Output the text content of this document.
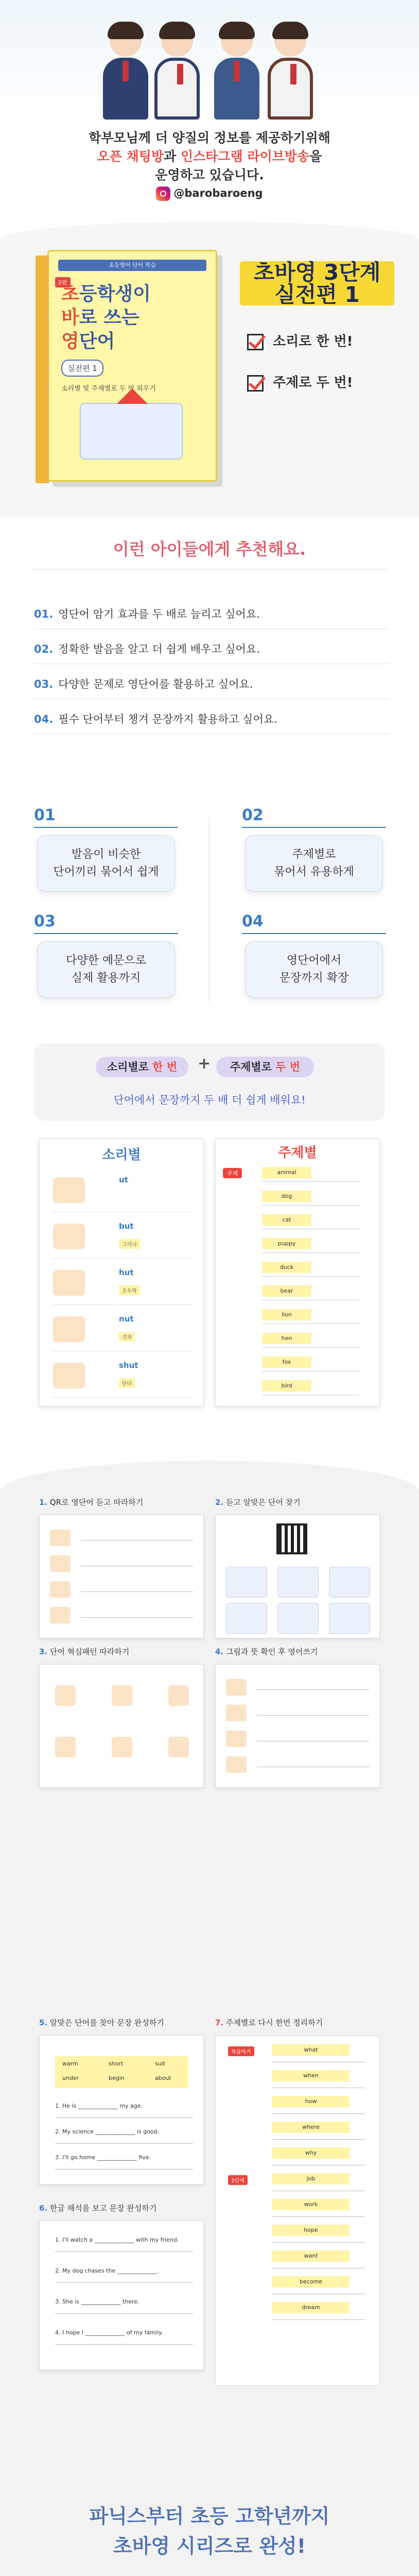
학부모님께 더 양질의 정보를 제공하기위해
오픈 채팅방과 인스타그램 라이브방송을
운영하고 있습니다.
@barobaroeng
초등영어 단어 학습
2판
초등학생이
바로 쓰는
영단어
실전편 1
소리별 및 주제별로 두 번 외우기
초바영 3단계
실전편 1
소리로 한 번!
주제로 두 번!
이런 아이들에게 추천해요.
01. 영단어 암기 효과를 두 배로 늘리고 싶어요.
02. 정확한 발음을 알고 더 쉽게 배우고 싶어요.
03. 다양한 문제로 영단어를 활용하고 싶어요.
04. 필수 단어부터 챙겨 문장까지 활용하고 싶어요.
01
발음이 비슷한
단어끼리 묶어서 쉽게
02
주제별로
묶어서 유용하게
03
다양한 예문으로
실제 활용까지
04
영단어에서
문장까지 확장
소리별로 한 번	+	주제별로 두 번
단어에서 문장까지 두 배 더 쉽게 배워요!
소리별
ut
but
그러나
hut
오두막
nut
견과
shut
닫다
주제별
주제	animal
dog
cat
puppy
duck
bear
lion
hen
fox
bird
1. QR로 영단어 듣고 따라하기	2. 듣고 알맞은 단어 찾기
3. 단어 혁심패턴 따라하기	4. 그림과 뜻 확인 후 영어쓰기
5. 알맞은 단어를 찾아 문장 완성하기
warm	short	suit
under	begin	about
1. He is ______________ my age.
2. My science ______________ is good.
3. I'll go home ______________ five.
6. 한글 해석을 보고 문장 완성하기
1. I'll watch a ______________ with my friend.
2. My dog chases the ______________.
3. She is ______________ there.
4. I hope I ______________ of my family.
7. 주제별로 다시 한번 정리하기
복습하기
2단계
what
when
how
where
why
job
work
hope
want
become
dream
파닉스부터 초등 고학년까지
초바영 시리즈로 완성!
